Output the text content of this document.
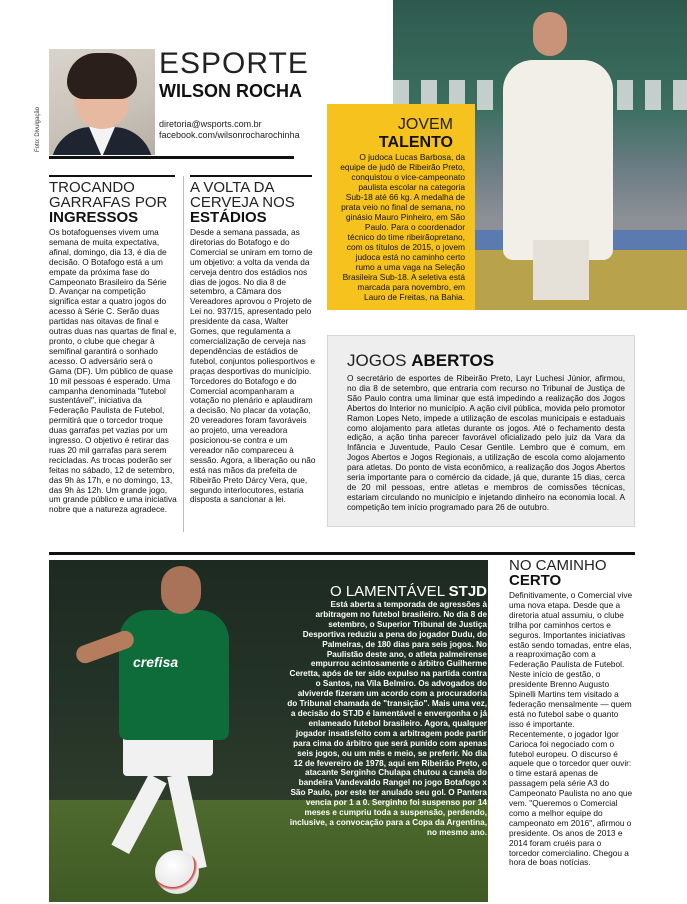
Foto: Divulgação
ESPORTE
WILSON ROCHA
diretoria@wsports.com.br
facebook.com/wilsonrocharochinha
JOVEM
TALENTO
O judoca Lucas Barbosa, da equipe de judô de Ribeirão Preto, conquistou o vice-campeonato paulista escolar na categoria Sub-18 até 66 kg. A medalha de prata veio no final de semana, no ginásio Mauro Pinheiro, em São Paulo. Para o coordenador técnico do time ribeirãopretano, com os títulos de 2015, o jovem judoca está no caminho certo rumo a uma vaga na Seleção Brasileira Sub-18. A seletiva está marcada para novembro, em Lauro de Freitas, na Bahia.
TROCANDO GARRAFAS POR
INGRESSOS
Os botafoguenses vivem uma semana de muita expectativa, afinal, domingo, dia 13, é dia de decisão. O Botafogo está a um empate da próxima fase do Campeonato Brasileiro da Série D. Avançar na competição significa estar a quatro jogos do acesso à Série C. Serão duas partidas nas oitavas de final e outras duas nas quartas de final e, pronto, o clube que chegar à semifinal garantirá o sonhado acesso. O adversário será o Gama (DF). Um público de quase 10 mil pessoas é esperado. Uma campanha denominada "futebol sustentável", iniciativa da Federação Paulista de Futebol, permitirá que o torcedor troque duas garrafas pet vazias por um ingresso. O objetivo é retirar das ruas 20 mil garrafas para serem recicladas. As trocas poderão ser feitas no sábado, 12 de setembro, das 9h às 17h, e no domingo, 13, das 9h às 12h. Um grande jogo, um grande público e uma iniciativa nobre que a natureza agradece.
A VOLTA DA CERVEJA NOS
ESTÁDIOS
Desde a semana passada, as diretorias do Botafogo e do Comercial se uniram em torno de um objetivo: a volta da venda da cerveja dentro dos estádios nos dias de jogos. No dia 8 de setembro, a Câmara dos Vereadores aprovou o Projeto de Lei no. 937/15, apresentado pelo presidente da casa, Walter Gomes, que regulamenta a comercialização de cerveja nas dependências de estádios de futebol, conjuntos poliesportivos e praças desportivas do município. Torcedores do Botafogo e do Comercial acompanharam a votação no plenário e aplaudiram a decisão. No placar da votação, 20 vereadores foram favoráveis ao projeto, uma vereadora posicionou-se contra e um vereador não compareceu à sessão. Agora, a liberação ou não está nas mãos da prefeita de Ribeirão Preto Dárcy Vera, que, segundo interlocutores, estaria disposta a sancionar a lei.
JOGOS ABERTOS
O secretário de esportes de Ribeirão Preto, Layr Luchesi Júnior, afirmou, no dia 8 de setembro, que entraria com recurso no Tribunal de Justiça de São Paulo contra uma liminar que está impedindo a realização dos Jogos Abertos do Interior no município. A ação civil pública, movida pelo promotor Ramon Lopes Neto, impede a utilização de escolas municipais e estaduais como alojamento para atletas durante os jogos. Até o fechamento desta edição, a ação tinha parecer favorável oficializado pelo juiz da Vara da Infância e Juventude, Paulo Cesar Gentile. Lembro que é comum, em Jogos Abertos e Jogos Regionais, a utilização de escola como alojamento para atletas. Do ponto de vista econômico, a realização dos Jogos Abertos seria importante para o comércio da cidade, já que, durante 15 dias, cerca de 20 mil pessoas, entre atletas e membros de comissões técnicas, estariam circulando no município e injetando dinheiro na economia local. A competição tem início programado para 26 de outubro.
crefisa
O LAMENTÁVEL STJD
Está aberta a temporada de agressões à arbitragem no futebol brasileiro. No dia 8 de setembro, o Superior Tribunal de Justiça Desportiva reduziu a pena do jogador Dudu, do Palmeiras, de 180 dias para seis jogos. No Paulistão deste ano, o atleta palmeirense empurrou acintosamente o árbitro Guilherme Ceretta, após de ter sido expulso na partida contra o Santos, na Vila Belmiro. Os advogados do alviverde fizeram um acordo com a procuradoria do Tribunal chamada de "transição". Mais uma vez, a decisão do STJD é lamentável e envergonha o já enlameado futebol brasileiro. Agora, qualquer jogador insatisfeito com a arbitragem pode partir para cima do árbitro que será punido com apenas seis jogos, ou um mês e meio, se preferir. No dia 12 de fevereiro de 1978, aqui em Ribeirão Preto, o atacante Serginho Chulapa chutou a canela do bandeira Vandevaldo Rangel no jogo Botafogo x São Paulo, por este ter anulado seu gol. O Pantera vencia por 1 a 0. Serginho foi suspenso por 14 meses e cumpriu toda a suspensão, perdendo, inclusive, a convocação para a Copa da Argentina, no mesmo ano.
NO CAMINHO
CERTO
Definitivamente, o Comercial vive uma nova etapa. Desde que a diretoria atual assumiu, o clube trilha por caminhos certos e seguros. Importantes iniciativas estão sendo tomadas, entre elas, a reaproximação com a Federação Paulista de Futebol. Neste início de gestão, o presidente Brenno Augusto Spinelli Martins tem visitado a federação mensalmente — quem está no futebol sabe o quanto isso é importante. Recentemente, o jogador Igor Carioca foi negociado com o futebol europeu. O discurso é aquele que o torcedor quer ouvir: o time estará apenas de passagem pela série A3 do Campeonato Paulista no ano que vem. "Queremos o Comercial como a melhor equipe do campeonato em 2016", afirmou o presidente. Os anos de 2013 e 2014 foram cruéis para o torcedor comercialino. Chegou a hora de boas notícias.
